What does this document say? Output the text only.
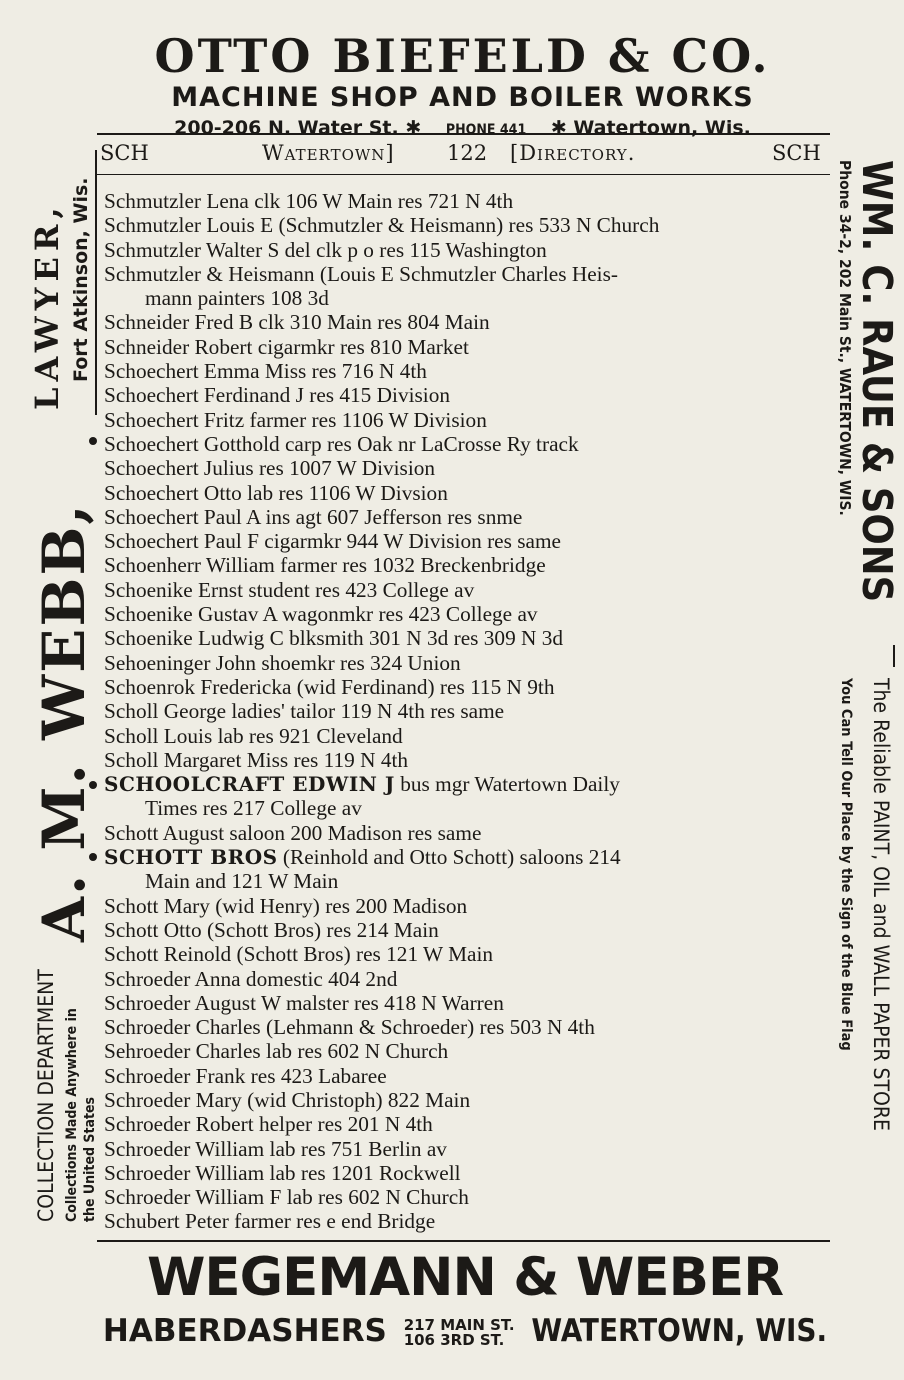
OTTO BIEFELD & CO.
MACHINE SHOP AND BOILER WORKS
200-206 N. Water St. ✱ PHONE 441 ✱ Watertown, Wis.
SCH	Watertown] 122 [Directory.	SCH
Schmutzler Lena clk 106 W Main res 721 N 4th
Schmutzler Louis E (Schmutzler & Heismann) res 533 N Church
Schmutzler Walter S del clk p o res 115 Washington
Schmutzler & Heismann (Louis E Schmutzler Charles Heis-
mann painters 108 3d
Schneider Fred B clk 310 Main res 804 Main
Schneider Robert cigarmkr res 810 Market
Schoechert Emma Miss res 716 N 4th
Schoechert Ferdinand J res 415 Division
Schoechert Fritz farmer res 1106 W Division
Schoechert Gotthold carp res Oak nr LaCrosse Ry track
Schoechert Julius res 1007 W Division
Schoechert Otto lab res 1106 W Divsion
Schoechert Paul A ins agt 607 Jefferson res snme
Schoechert Paul F cigarmkr 944 W Division res same
Schoenherr William farmer res 1032 Breckenbridge
Schoenike Ernst student res 423 College av
Schoenike Gustav A wagonmkr res 423 College av
Schoenike Ludwig C blksmith 301 N 3d res 309 N 3d
Sehoeninger John shoemkr res 324 Union
Schoenrok Fredericka (wid Ferdinand) res 115 N 9th
Scholl George ladies' tailor 119 N 4th res same
Scholl Louis lab res 921 Cleveland
Scholl Margaret Miss res 119 N 4th
SCHOOLCRAFT EDWIN J bus mgr Watertown Daily
Times res 217 College av
Schott August saloon 200 Madison res same
SCHOTT BROS (Reinhold and Otto Schott) saloons 214
Main and 121 W Main
Schott Mary (wid Henry) res 200 Madison
Schott Otto (Schott Bros) res 214 Main
Schott Reinold (Schott Bros) res 121 W Main
Schroeder Anna domestic 404 2nd
Schroeder August W malster res 418 N Warren
Schroeder Charles (Lehmann & Schroeder) res 503 N 4th
Sehroeder Charles lab res 602 N Church
Schroeder Frank res 423 Labaree
Schroeder Mary (wid Christoph) 822 Main
Schroeder Robert helper res 201 N 4th
Schroeder William lab res 751 Berlin av
Schroeder William lab res 1201 Rockwell
Schroeder William F lab res 602 N Church
Schubert Peter farmer res e end Bridge
A. M. WEBB,
LAWYER, Fort Atkinson, Wis.
COLLECTION DEPARTMENT Collections Made Anywhere in the United States
WM. C. RAUE & SONS
Phone 34-2, 202 Main St., WATERTOWN, WIS.
The Reliable PAINT, OIL and WALL PAPER STORE
You Can Tell Our Place by the Sign of the Blue Flag
WEGEMANN & WEBER
HABERDASHERS 217 MAIN ST.
106 3RD ST. WATERTOWN, WIS.
